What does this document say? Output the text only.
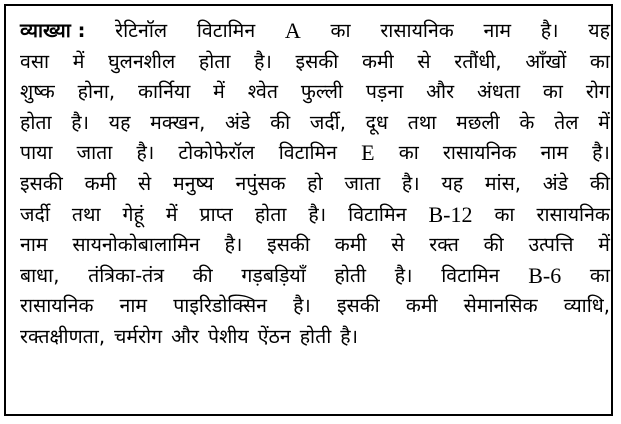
व्याख्या : रेटिनॉल विटामिन A का रासायनिक नाम है। यह
वसा में घुलनशील होता है। इसकी कमी से रतौंधी, आँखों का
शुष्क होना, कार्निया में श्वेत फुल्ली पड़ना और अंधता का रोग
होता है। यह मक्खन, अंडे की जर्दी, दूध तथा मछली के तेल में
पाया जाता है। टोकोफेरॉल विटामिन E का रासायनिक नाम है।
इसकी कमी से मनुष्य नपुंसक हो जाता है। यह मांस, अंडे की
जर्दी तथा गेहूं में प्राप्त होता है। विटामिन B-12 का रासायनिक
नाम सायनोकोबालामिन है। इसकी कमी से रक्त की उत्पत्ति में
बाधा, तंत्रिका-तंत्र की गड़बड़ियाँ होती है। विटामिन B-6 का
रासायनिक नाम पाइरिडोक्सिन है। इसकी कमी सेमानसिक व्याधि,
रक्तक्षीणता, चर्मरोग और पेशीय ऐंठन होती है।
